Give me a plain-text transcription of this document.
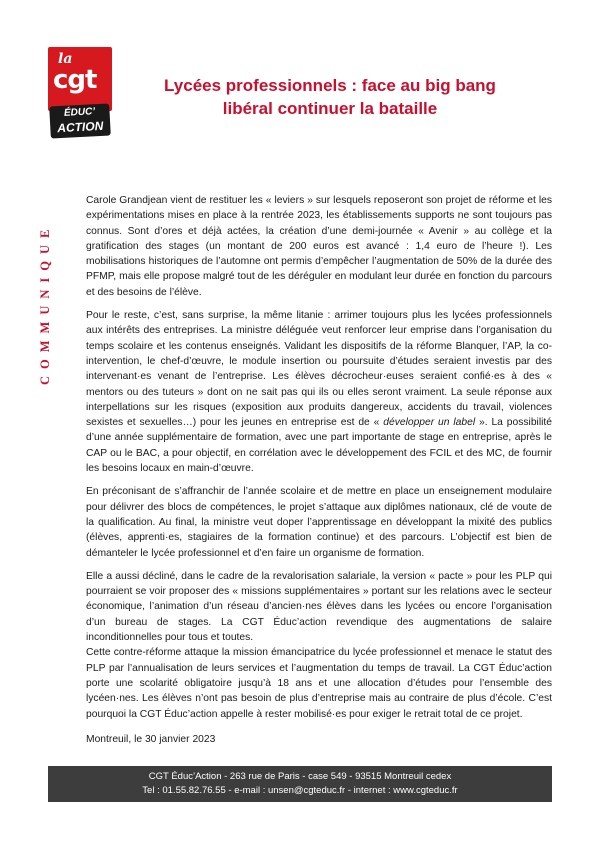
la
cgt
ÉDUC’
ACTION
Lycées professionnels : face au big bang
libéral continuer la bataille
COMMUNIQUE

Carole Grandjean vient de restituer les « leviers » sur lesquels reposeront son projet de réforme et les expérimentations mises en place à la rentrée 2023, les établissements supports ne sont toujours pas connus. Sont d’ores et déjà actées, la création d’une demi-journée « Avenir » au collège et la gratification des stages (un montant de 200 euros est avancé : 1,4 euro de l’heure !). Les mobilisations historiques de l’automne ont permis d’empêcher l’augmentation de 50% de la durée des PFMP, mais elle propose malgré tout de les déréguler en modulant leur durée en fonction du parcours et des besoins de l’élève.

Pour le reste, c’est, sans surprise, la même litanie : arrimer toujours plus les lycées professionnels aux intérêts des entreprises. La ministre déléguée veut renforcer leur emprise dans l’organisation du temps scolaire et les contenus enseignés. Validant les dispositifs de la réforme Blanquer, l’AP, la co-intervention, le chef-d’œuvre, le module insertion ou poursuite d’études seraient investis par des intervenant·es venant de l’entreprise. Les élèves décrocheur·euses seraient confié·es à des « mentors ou des tuteurs » dont on ne sait pas qui ils ou elles seront vraiment. La seule réponse aux interpellations sur les risques (exposition aux produits dangereux, accidents du travail, violences sexistes et sexuelles…) pour les jeunes en entreprise est de « développer un label ». La possibilité d’une année supplémentaire de formation, avec une part importante de stage en entreprise, après le CAP ou le BAC, a pour objectif, en corrélation avec le développement des FCIL et des MC, de fournir les besoins locaux en main-d’œuvre.

En préconisant de s’affranchir de l’année scolaire et de mettre en place un enseignement modulaire pour délivrer des blocs de compétences, le projet s’attaque aux diplômes nationaux, clé de voute de la qualification. Au final, la ministre veut doper l’apprentissage en développant la mixité des publics (élèves, apprenti·es, stagiaires de la formation continue) et des parcours. L’objectif est bien de démanteler le lycée professionnel et d’en faire un organisme de formation.

Elle a aussi décliné, dans le cadre de la revalorisation salariale, la version « pacte » pour les PLP qui pourraient se voir proposer des « missions supplémentaires » portant sur les relations avec le secteur économique, l’animation d’un réseau d’ancien·nes élèves dans les lycées ou encore l’organisation d’un bureau de stages. La CGT Éduc’action revendique des augmentations de salaire inconditionnelles pour tous et toutes.

Cette contre-réforme attaque la mission émancipatrice du lycée professionnel et menace le statut des PLP par l’annualisation de leurs services et l’augmentation du temps de travail. La CGT Éduc’action porte une scolarité obligatoire jusqu’à 18 ans et une allocation d’études pour l’ensemble des lycéen·nes. Les élèves n’ont pas besoin de plus d’entreprise mais au contraire de plus d’école. C’est pourquoi la CGT Éduc’action appelle à rester mobilisé·es pour exiger le retrait total de ce projet.

Montreuil, le 30 janvier 2023

CGT Éduc’Action - 263 rue de Paris - case 549 - 93515 Montreuil cedex
Tel : 01.55.82.76.55 - e-mail : unsen@cgteduc.fr - internet : www.cgteduc.fr
